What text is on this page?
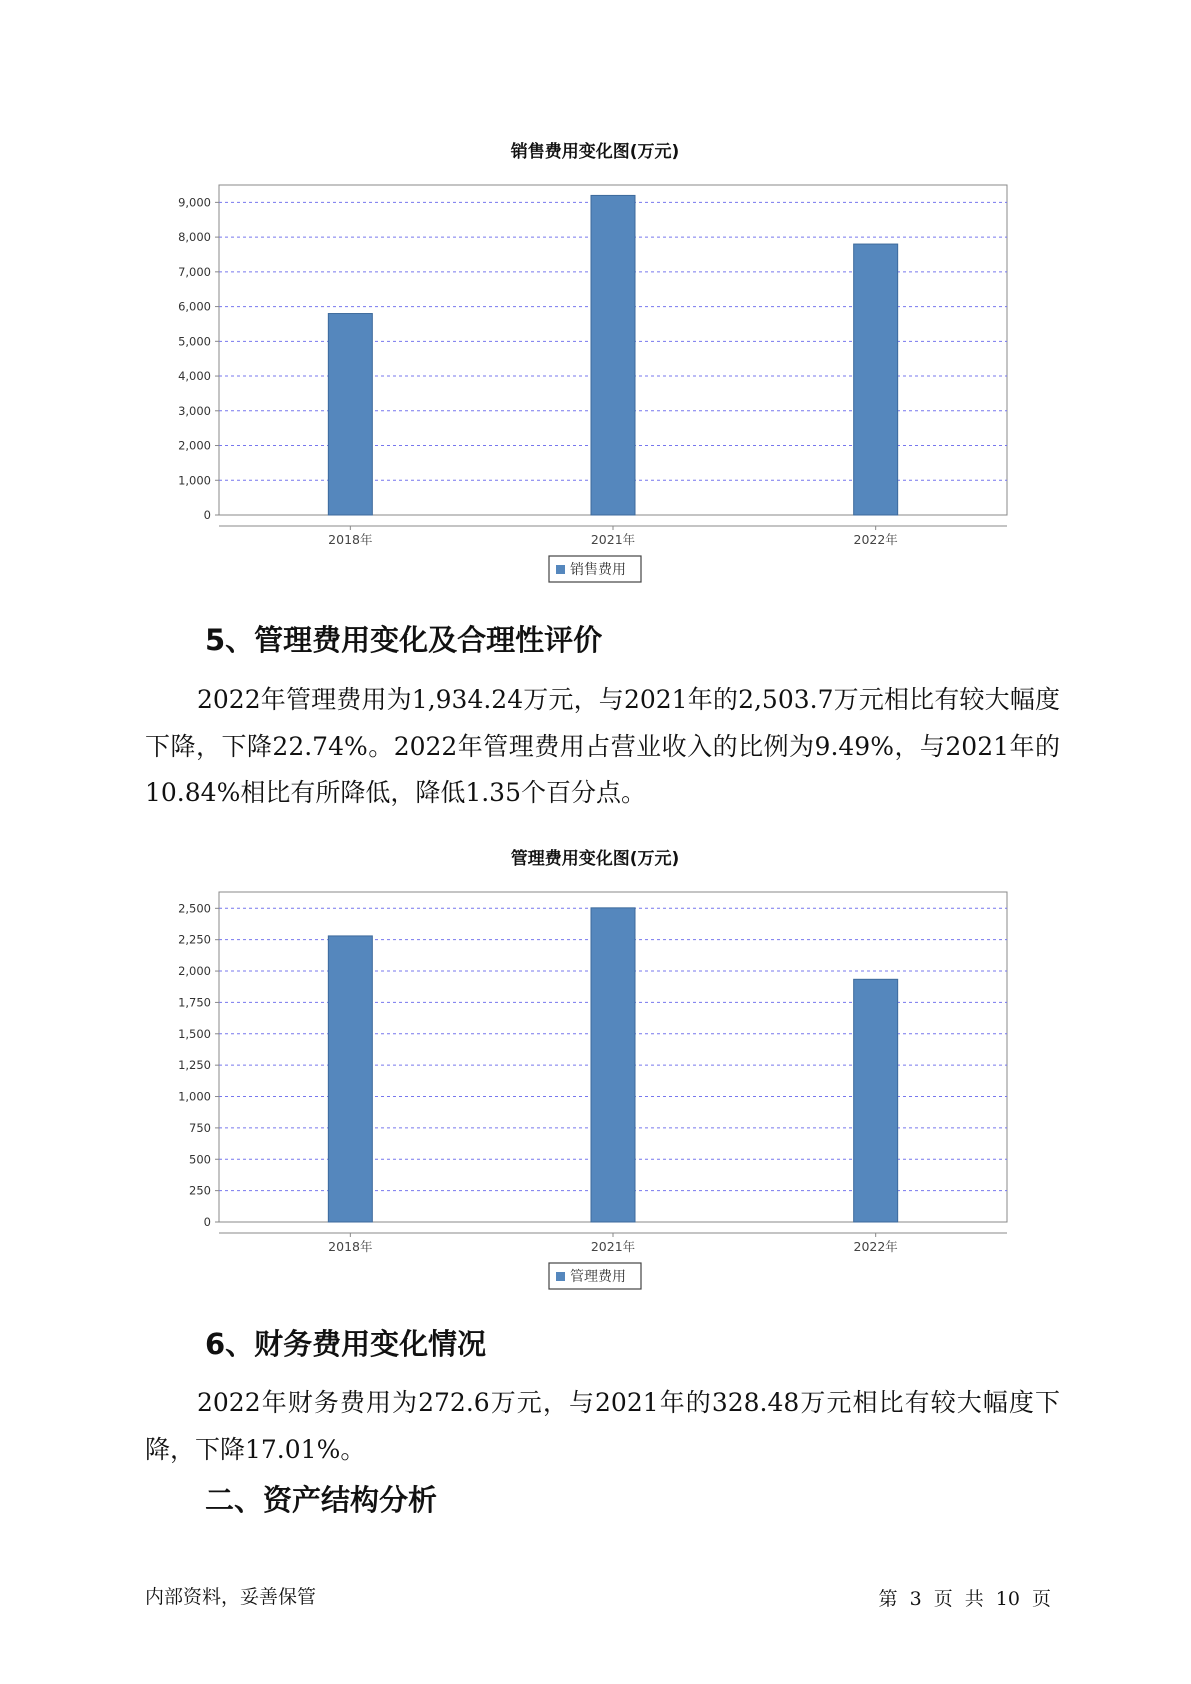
销售费用变化图(万元)
0
1,000
2,000
3,000
4,000
5,000
6,000
7,000
8,000
9,000
2018年	2021年	2022年
销售费用
5、管理费用变化及合理性评价

2022年管理费用为1,934.24万元，与2021年的2,503.7万元相比有较大幅度下降，下降22.74%。2022年管理费用占营业收入的比例为9.49%，与2021年的10.84%相比有所降低，降低1.35个百分点。

管理费用变化图(万元)
0
250
500
750
1,000
1,250
1,500
1,750
2,000
2,250
2,500
2018年	2021年	2022年
管理费用
6、财务费用变化情况

2022年财务费用为272.6万元，与2021年的328.48万元相比有较大幅度下降，下降17.01%。

二、资产结构分析
内部资料，妥善保管	第 3 页 共 10 页
